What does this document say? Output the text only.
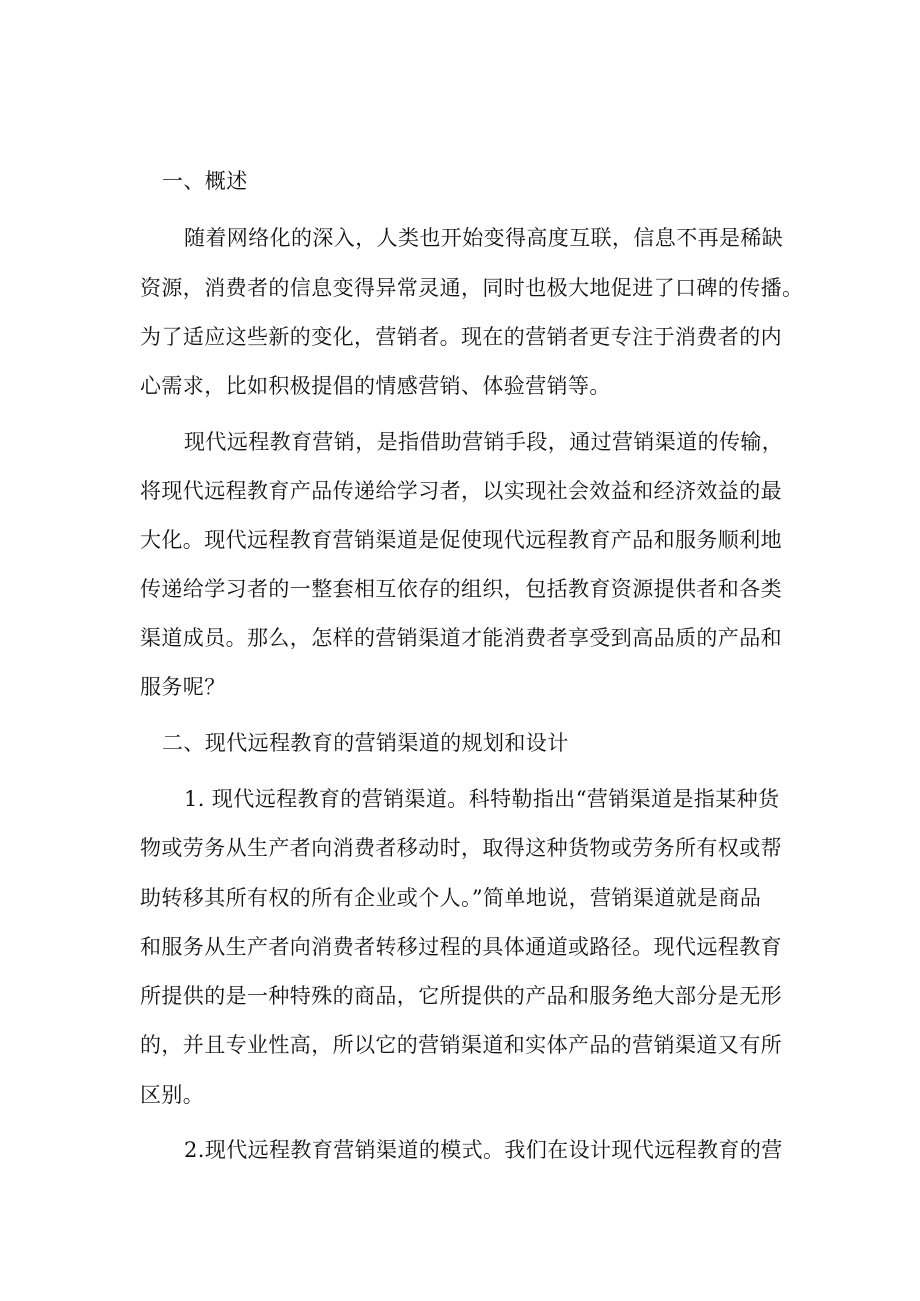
一、概述
随着网络化的深入，人类也开始变得高度互联，信息不再是稀缺
资源，消费者的信息变得异常灵通，同时也极大地促进了口碑的传播。
为了适应这些新的变化，营销者。现在的营销者更专注于消费者的内
心需求，比如积极提倡的情感营销、体验营销等。
现代远程教育营销，是指借助营销手段，通过营销渠道的传输，
将现代远程教育产品传递给学习者，以实现社会效益和经济效益的最
大化。现代远程教育营销渠道是促使现代远程教育产品和服务顺利地
传递给学习者的一整套相互依存的组织，包括教育资源提供者和各类
渠道成员。那么，怎样的营销渠道才能消费者享受到高品质的产品和
服务呢？
二、现代远程教育的营销渠道的规划和设计
1. 现代远程教育的营销渠道。科特勒指出“营销渠道是指某种货
物或劳务从生产者向消费者移动时，取得这种货物或劳务所有权或帮
助转移其所有权的所有企业或个人。”简单地说，营销渠道就是商品
和服务从生产者向消费者转移过程的具体通道或路径。现代远程教育
所提供的是一种特殊的商品，它所提供的产品和服务绝大部分是无形
的，并且专业性高，所以它的营销渠道和实体产品的营销渠道又有所
区别。
2.现代远程教育营销渠道的模式。我们在设计现代远程教育的营
